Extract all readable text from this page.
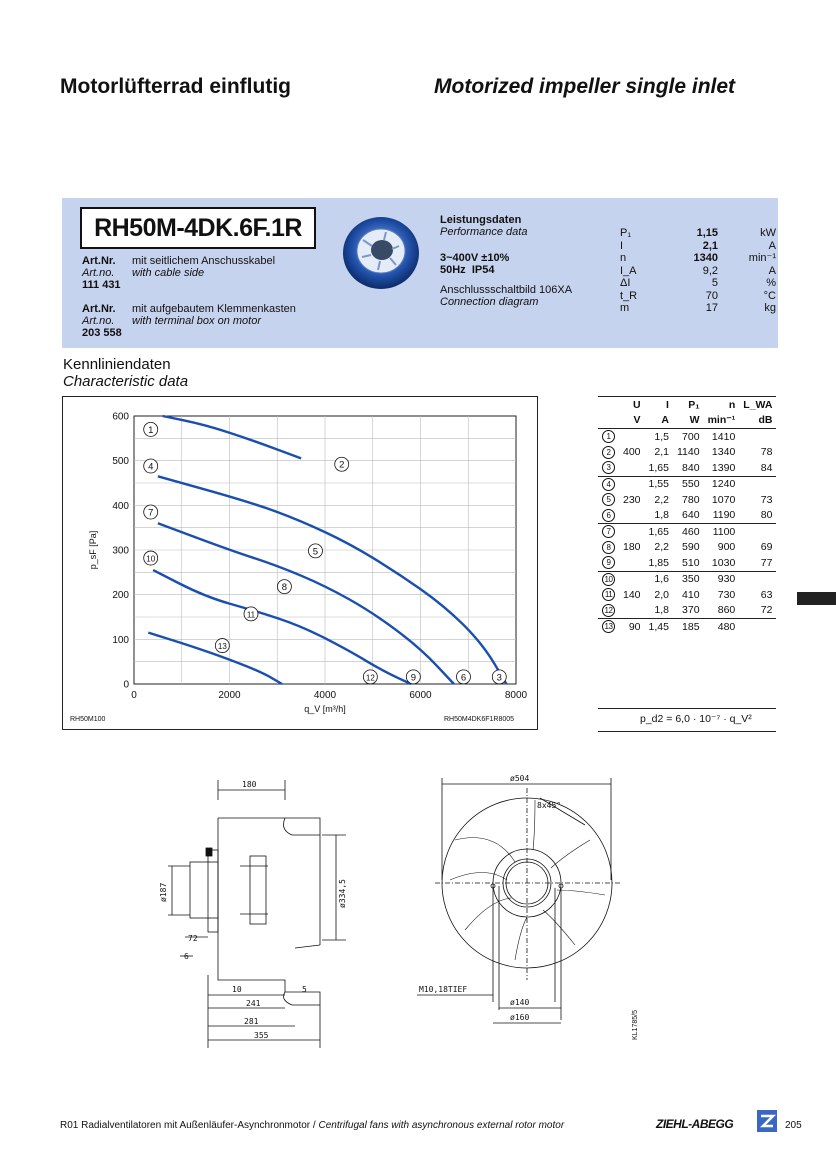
Motorlüfterrad einflutig	Motorized impeller single inlet
RH50M-4DK.6F.1R
Art.Nr. mit seitlichem Anschusskabel
Art.no. with cable side
111 431
Art.Nr. mit aufgebautem Klemmenkasten
Art.no. with terminal box on motor
203 558
Leistungsdaten
Performance data
3~400V ±10%
50Hz IP54
Anschlussschaltbild 106XA
Connection diagram
P₁	1,15	kW
I	2,1	A
n	1340	min⁻¹
I_A	9,2	A
ΔI	5	%
t_R	70	°C
m	17	kg
Kennliniendaten
Characteristic data
0	2000	4000	6000	8000
0
100
200
300
400
500
600
q_V [m³/h]
p_sF [Pa]
1
4
7
10
2
5
8
11
13
12	9	6	3
RH50M100	RH50M4DK6F1R8005
	U	I	P₁	n	L_WA
	V	A	W	min⁻¹	dB
1		1,5	700	1410	
2	400	2,1	1140	1340	78
3		1,65	840	1390	84
4		1,55	550	1240	
5	230	2,2	780	1070	73
6		1,8	640	1190	80
7		1,65	460	1100	
8	180	2,2	590	900	69
9		1,85	510	1030	77
10		1,6	350	930	
11	140	2,0	410	730	63
12		1,8	370	860	72
13	90	1,45	185	480	
p_d2 = 6,0 · 10⁻⁷ · q_V²
180
ø187	ø334,5
72
6
10	5
241
281
355
ø504
8x45°
M10,18TIEF
ø140
ø160	KL1785/5
R01 Radialventilatoren mit Außenläufer-Asynchronmotor / Centrifugal fans with asynchronous external rotor motor	ZIEHL-ABEGG	205
